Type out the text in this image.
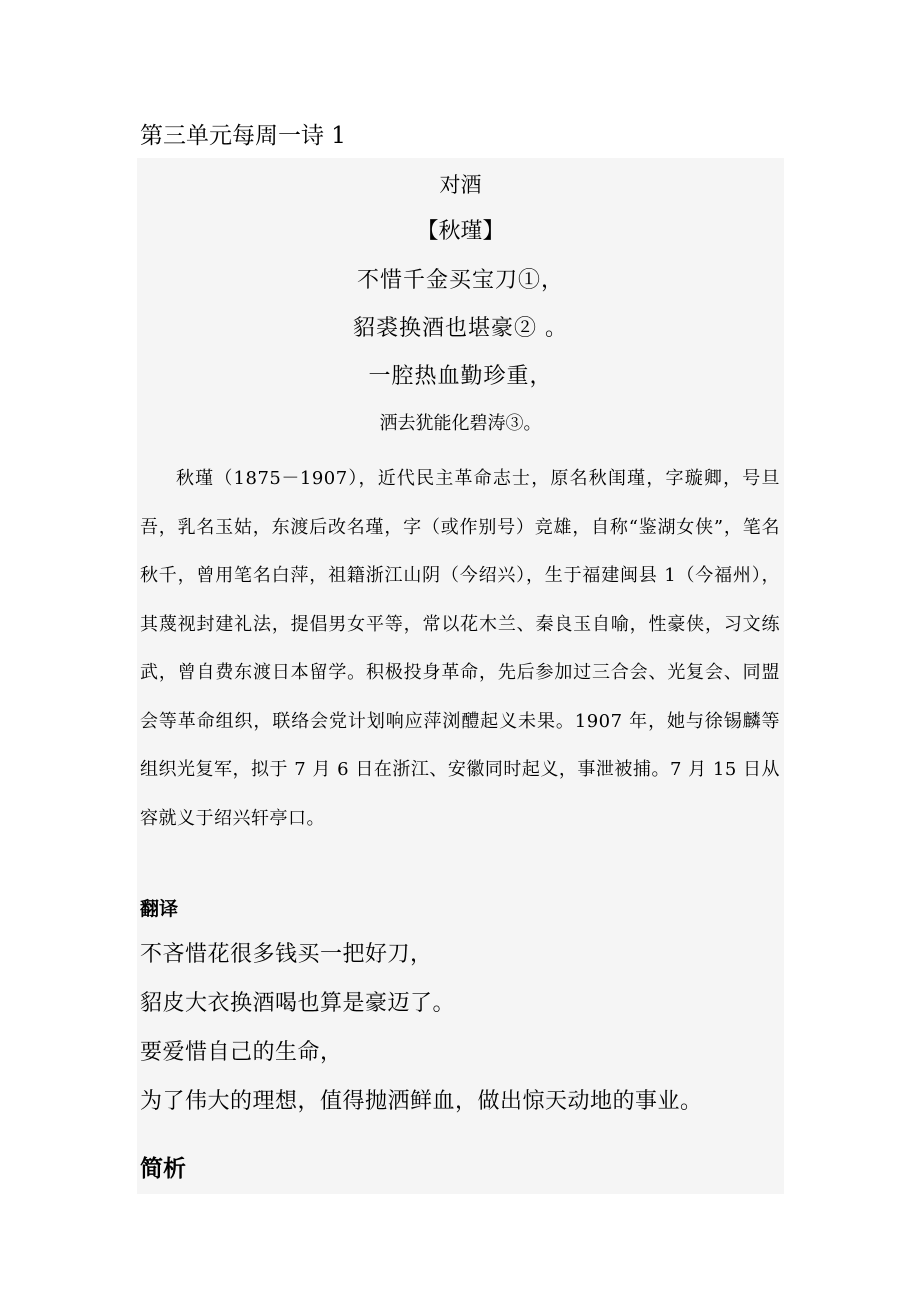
第三单元每周一诗 1
对酒
【秋瑾】
不惜千金买宝刀①，
貂裘换酒也堪豪② 。
一腔热血勤珍重，
洒去犹能化碧涛③。

秋瑾（1875－1907），近代民主革命志士，原名秋闺瑾，字璇卿，号旦吾，乳名玉姑，东渡后改名瑾，字（或作别号）竞雄，自称“鉴湖女侠”，笔名秋千，曾用笔名白萍，祖籍浙江山阴（今绍兴），生于福建闽县 1（今福州），其蔑视封建礼法，提倡男女平等，常以花木兰、秦良玉自喻，性豪侠，习文练武，曾自费东渡日本留学。积极投身革命，先后参加过三合会、光复会、同盟会等革命组织，联络会党计划响应萍浏醴起义未果。1907 年，她与徐锡麟等组织光复军，拟于 7 月 6 日在浙江、安徽同时起义，事泄被捕。7 月 15 日从容就义于绍兴轩亭口。

翻译
不吝惜花很多钱买一把好刀，
貂皮大衣换酒喝也算是豪迈了。
要爱惜自己的生命，
为了伟大的理想，值得抛洒鲜血，做出惊天动地的事业。
简析
